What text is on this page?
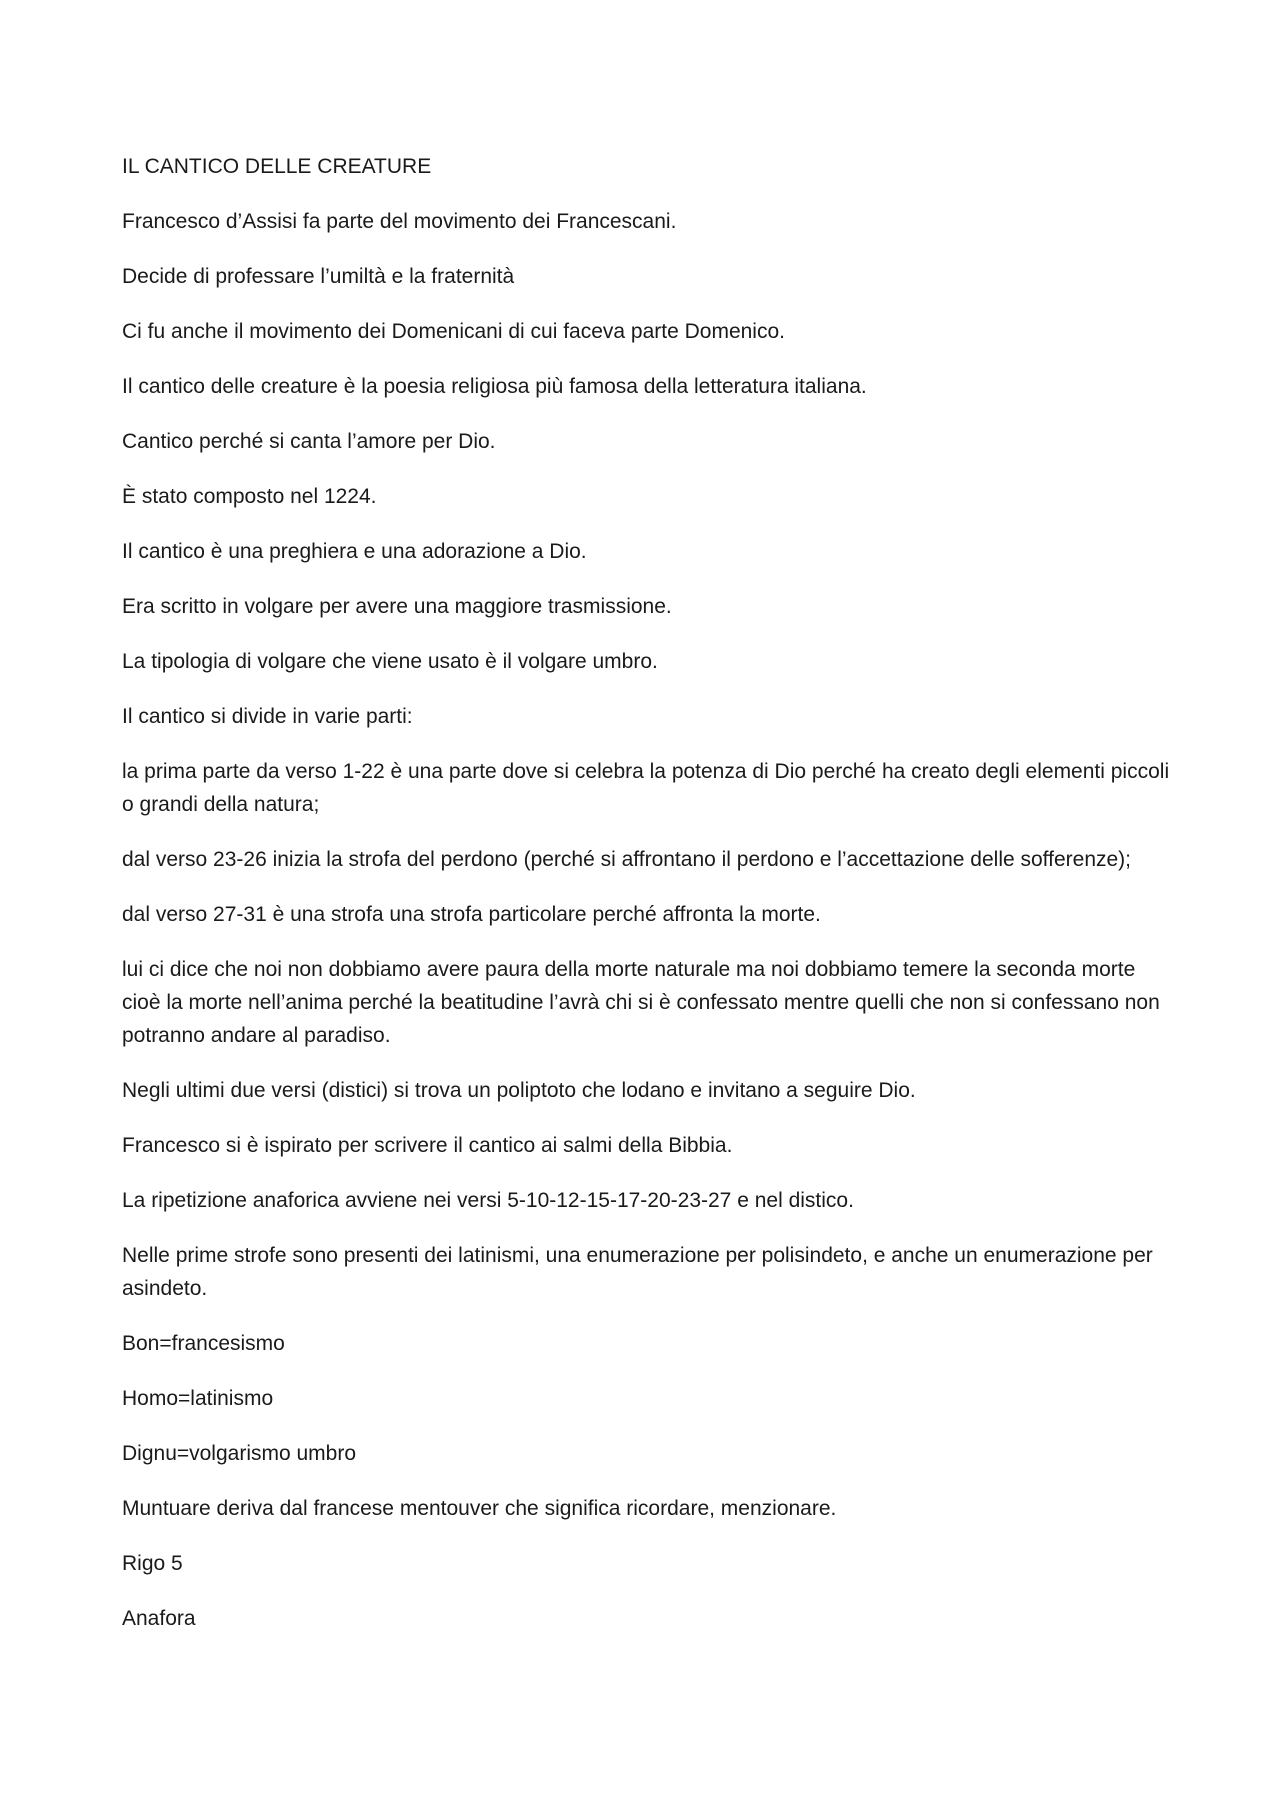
IL CANTICO DELLE CREATURE

Francesco d’Assisi fa parte del movimento dei Francescani.

Decide di professare l’umiltà e la fraternità

Ci fu anche il movimento dei Domenicani di cui faceva parte Domenico.

Il cantico delle creature è la poesia religiosa più famosa della letteratura italiana.

Cantico perché si canta l’amore per Dio.

È stato composto nel 1224.

Il cantico è una preghiera e una adorazione a Dio.

Era scritto in volgare per avere una maggiore trasmissione.

La tipologia di volgare che viene usato è il volgare umbro.

Il cantico si divide in varie parti:

la prima parte da verso 1-22 è una parte dove si celebra la potenza di Dio perché ha creato degli elementi piccoli o grandi della natura;

dal verso 23-26 inizia la strofa del perdono (perché si affrontano il perdono e l’accettazione delle sofferenze);

dal verso 27-31 è una strofa una strofa particolare perché affronta la morte.

lui ci dice che noi non dobbiamo avere paura della morte naturale ma noi dobbiamo temere la seconda morte cioè la morte nell’anima perché la beatitudine l’avrà chi si è confessato mentre quelli che non si confessano non potranno andare al paradiso.

Negli ultimi due versi (distici) si trova un poliptoto che lodano e invitano a seguire Dio.

Francesco si è ispirato per scrivere il cantico ai salmi della Bibbia.

La ripetizione anaforica avviene nei versi 5-10-12-15-17-20-23-27 e nel distico.

Nelle prime strofe sono presenti dei latinismi, una enumerazione per polisindeto, e anche un enumerazione per asindeto.

Bon=francesismo

Homo=latinismo

Dignu=volgarismo umbro

Muntuare deriva dal francese mentouver che significa ricordare, menzionare.

Rigo 5

Anafora
